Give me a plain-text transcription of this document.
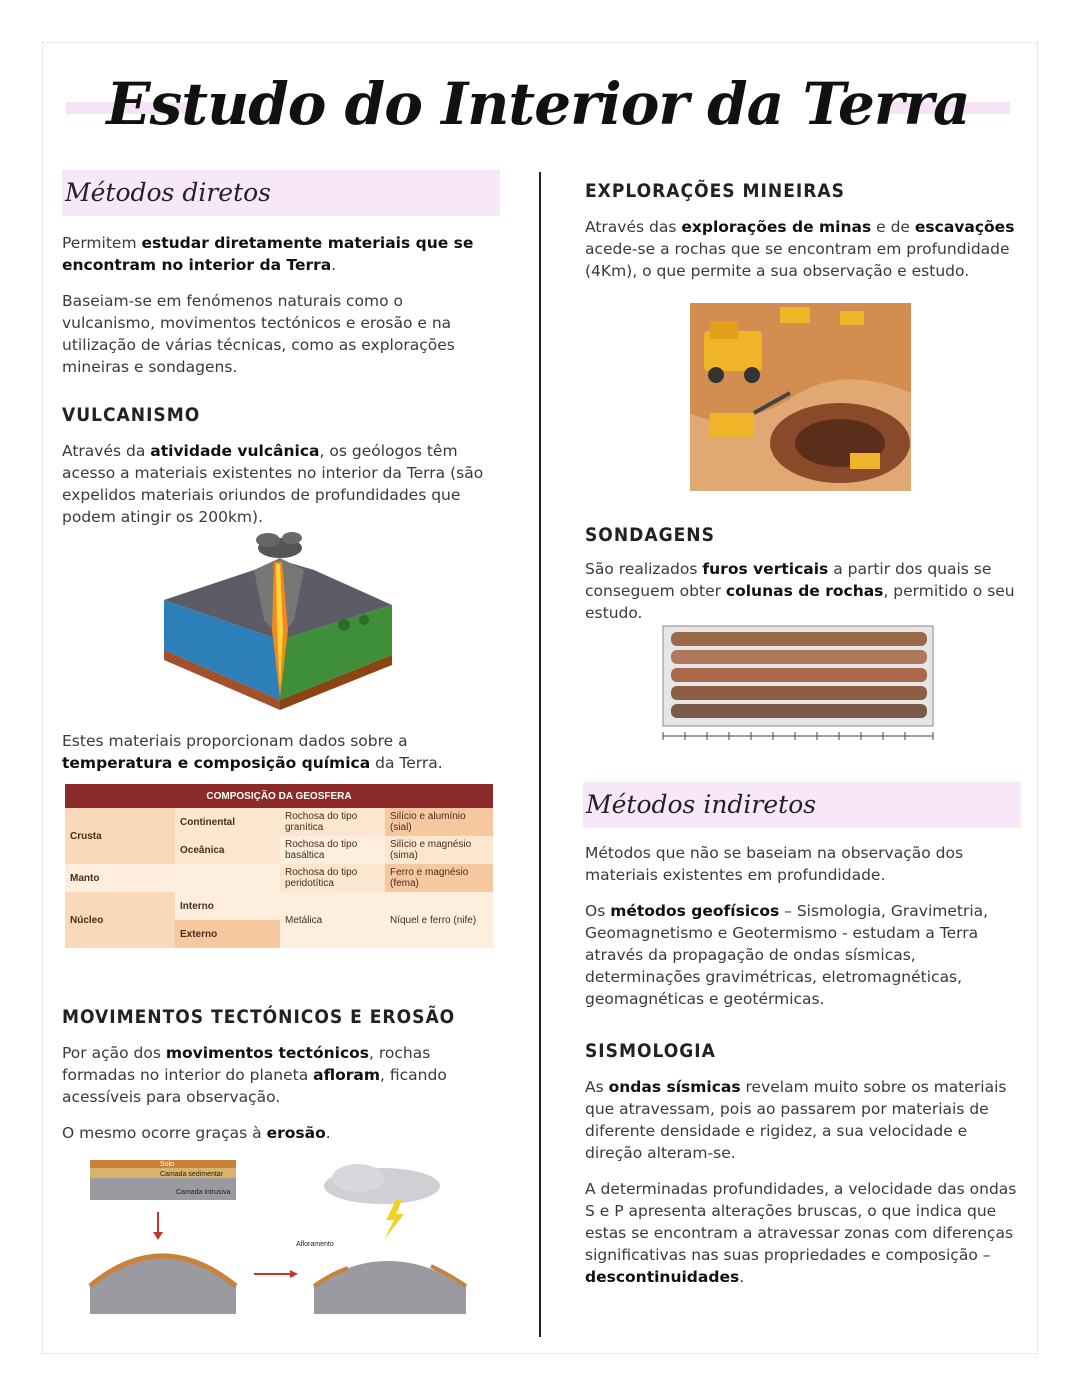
Estudo do Interior da Terra
Métodos diretos

Permitem estudar diretamente materiais que se encontram no interior da Terra.

Baseiam-se em fenómenos naturais como o vulcanismo, movimentos tectónicos e erosão e na utilização de várias técnicas, como as explorações mineiras e sondagens.

VULCANISMO

Através da atividade vulcânica, os geólogos têm acesso a materiais existentes no interior da Terra (são expelidos materiais oriundos de profundidades que podem atingir os 200km).

Estes materiais proporcionam dados sobre a temperatura e composição química da Terra.

COMPOSIÇÃO DA GEOSFERA			
Crusta	Continental	Rochosa do tipo granítica	Silício e alumínio (sial)
	Oceânica	Rochosa do tipo basáltica	Silício e magnésio (sima)
Manto		Rochosa do tipo peridotítica	Ferro e magnésio (fema)
Núcleo	Interno	Metálica	Níquel e ferro (nife)
	Externo		
MOVIMENTOS TECTÓNICOS E EROSÃO

Por ação dos movimentos tectónicos, rochas formadas no interior do planeta afloram, ficando acessíveis para observação.

O mesmo ocorre graças à erosão.

Solo
Camada sedimentar
Camada intrusiva
Afloramento
EXPLORAÇÕES MINEIRAS

Através das explorações de minas e de escavações acede-se a rochas que se encontram em profundidade (4Km), o que permite a sua observação e estudo.

SONDAGENS

São realizados furos verticais a partir dos quais se conseguem obter colunas de rochas, permitido o seu estudo.

Métodos indiretos

Métodos que não se baseiam na observação dos materiais existentes em profundidade.

Os métodos geofísicos – Sismologia, Gravimetria, Geomagnetismo e Geotermismo - estudam a Terra através da propagação de ondas sísmicas, determinações gravimétricas, eletromagnéticas, geomagnéticas e geotérmicas.

SISMOLOGIA

As ondas sísmicas revelam muito sobre os materiais que atravessam, pois ao passarem por materiais de diferente densidade e rigidez, a sua velocidade e direção alteram-se.

A determinadas profundidades, a velocidade das ondas S e P apresenta alterações bruscas, o que indica que estas se encontram a atravessar zonas com diferenças significativas nas suas propriedades e composição – descontinuidades.
